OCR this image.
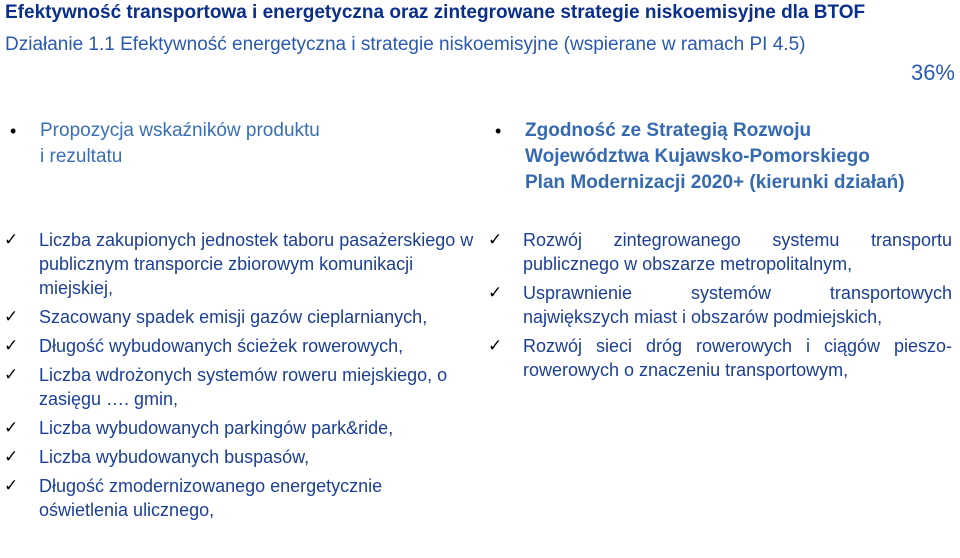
Efektywność transportowa i energetyczna oraz zintegrowane strategie niskoemisyjne dla BTOF
Działanie 1.1 Efektywność energetyczna i strategie niskoemisyjne (wspierane w ramach PI 4.5)
36%
• Propozycja wskaźników produktu
i rezultatu
• Zgodność ze Strategią Rozwoju
Województwa Kujawsko-Pomorskiego
Plan Modernizacji 2020+ (kierunki działań)
✓ Liczba zakupionych jednostek taboru pasażerskiego w publicznym transporcie zbiorowym komunikacji miejskiej,
✓ Szacowany spadek emisji gazów cieplarnianych,
✓ Długość wybudowanych ścieżek rowerowych,
✓ Liczba wdrożonych systemów roweru miejskiego, o zasięgu …. gmin,
✓ Liczba wybudowanych parkingów park&ride,
✓ Liczba wybudowanych buspasów,
✓ Długość zmodernizowanego energetycznie oświetlenia ulicznego,
✓ Rozwój zintegrowanego systemu transportu publicznego w obszarze metropolitalnym,
✓ Usprawnienie systemów transportowych największych miast i obszarów podmiejskich,
✓ Rozwój sieci dróg rowerowych i ciągów pieszo-rowerowych o znaczeniu transportowym,
